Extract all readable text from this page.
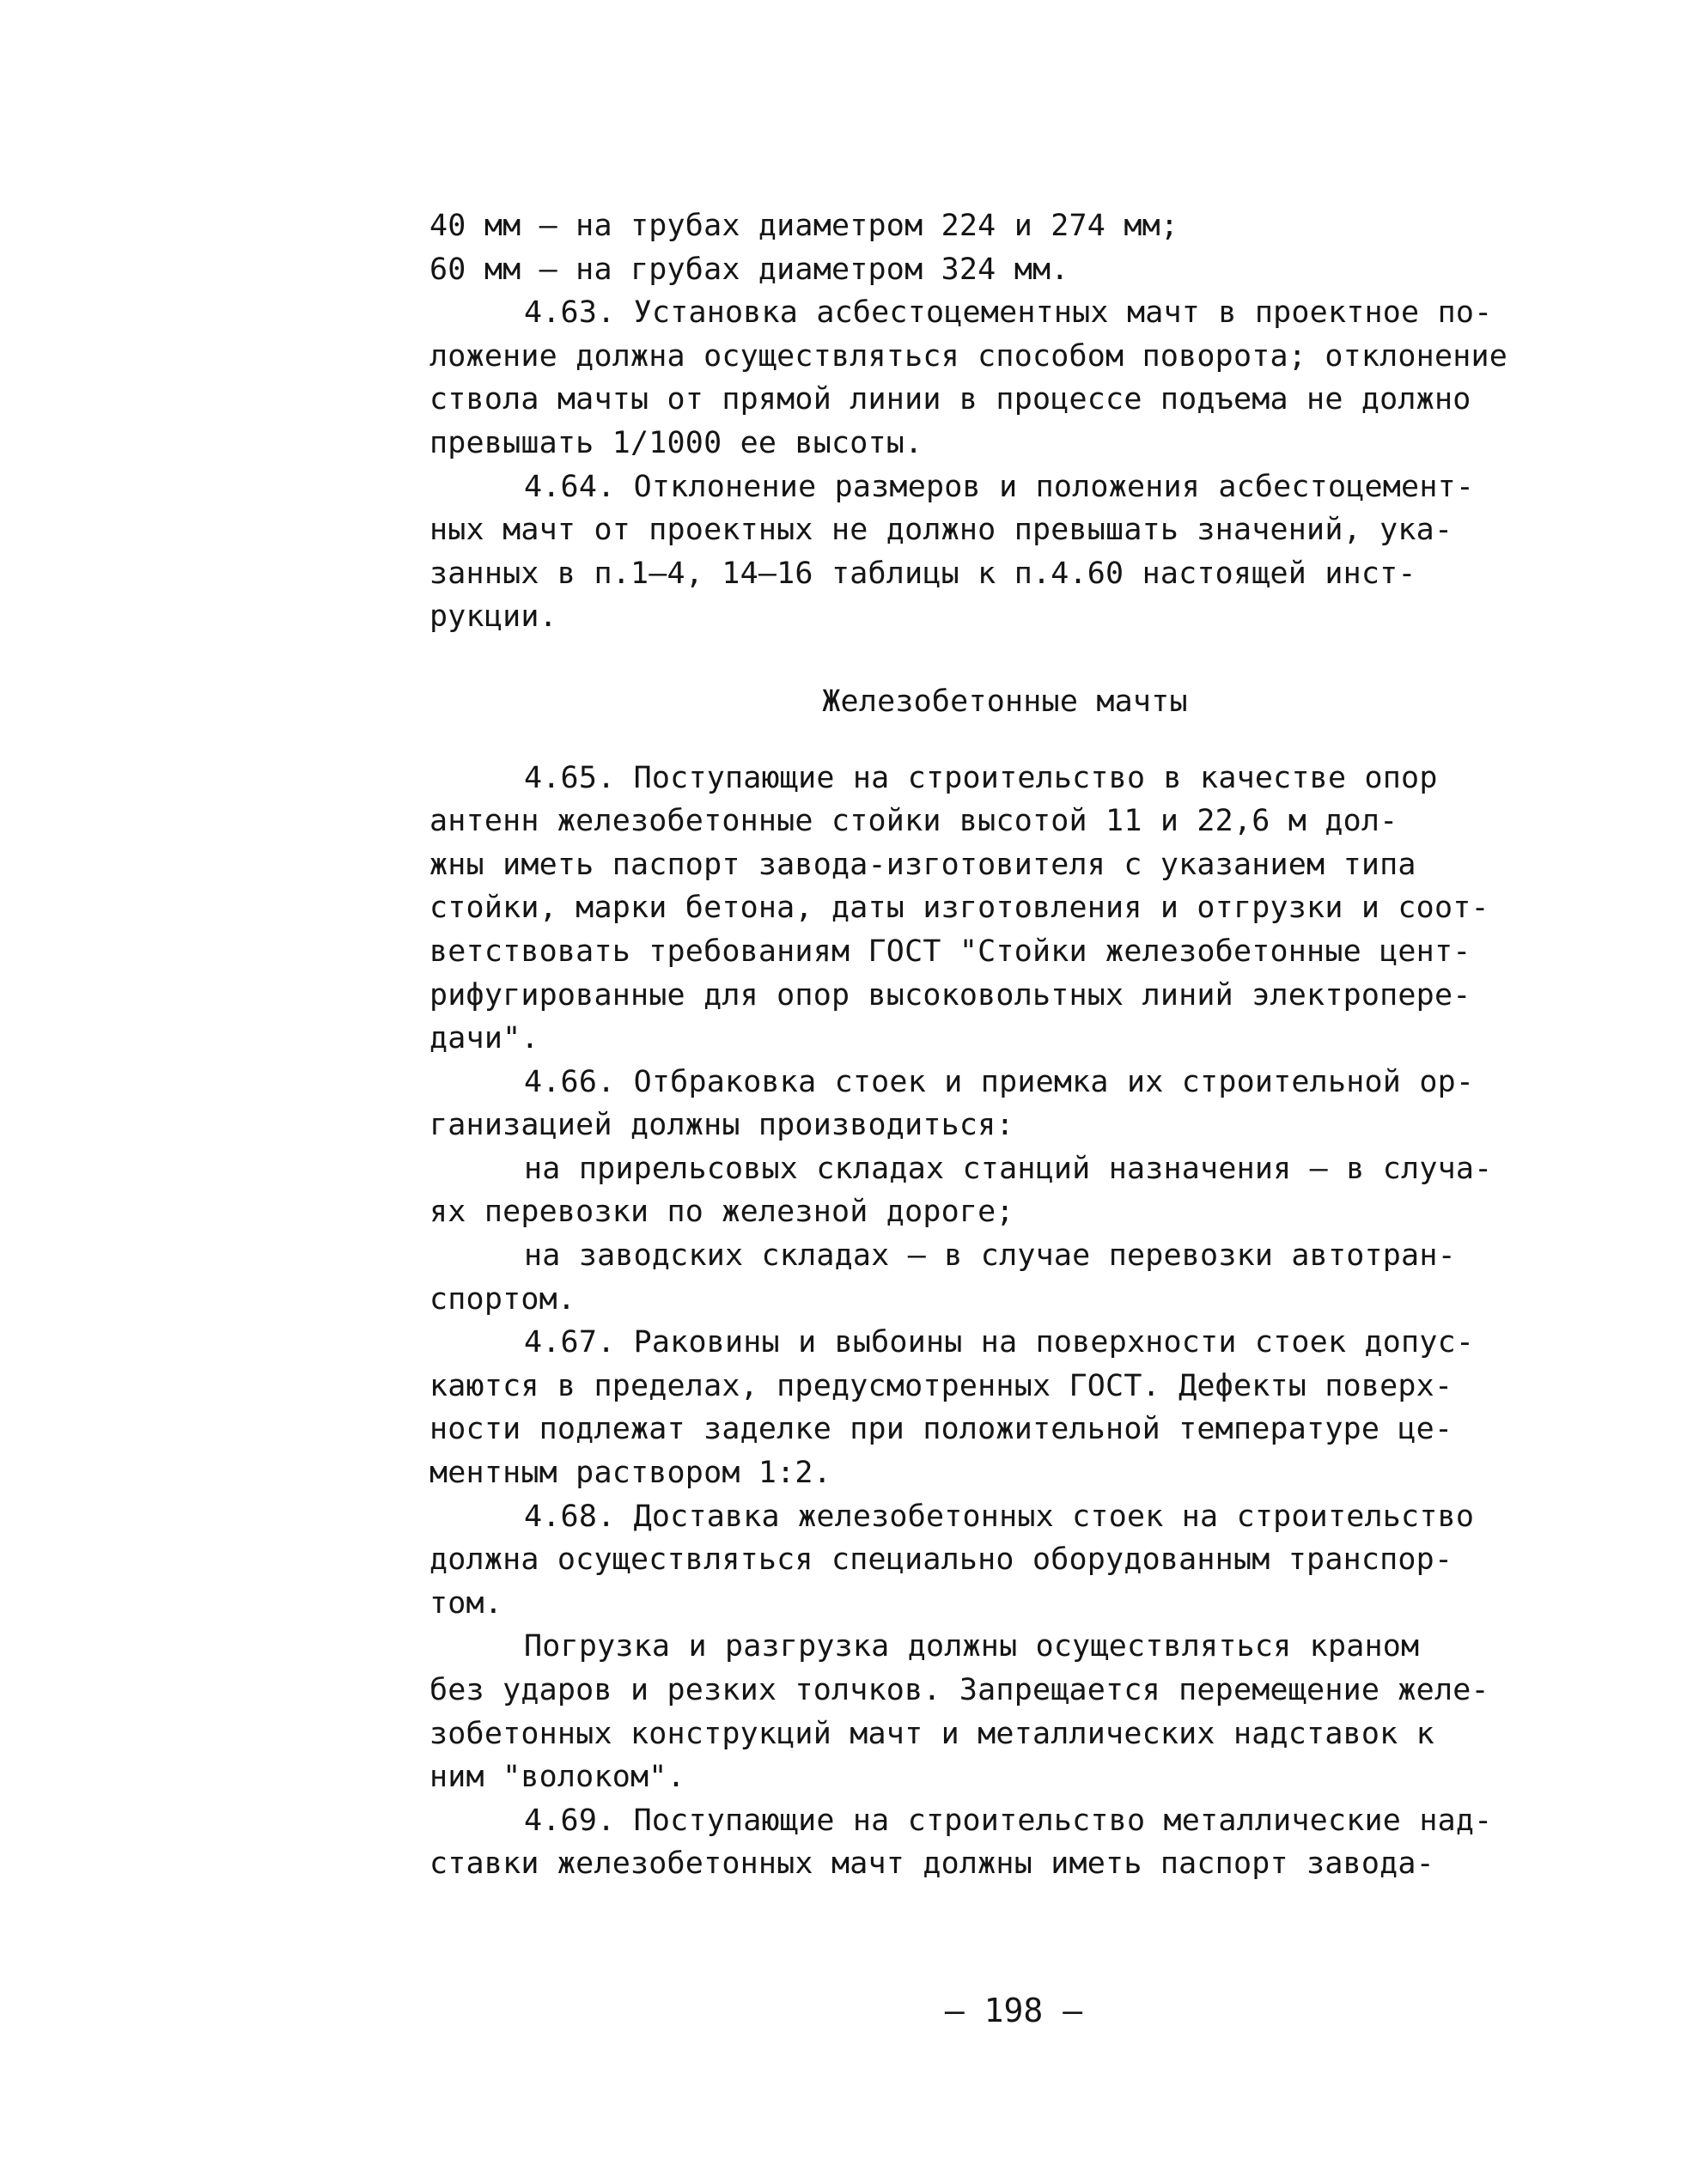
40 мм – на трубах диаметром 224 и 274 мм;
60 мм – на грубах диаметром 324 мм.
4.63. Установка асбестоцементных мачт в проектное по-
ложение должна осуществляться способом поворота; отклонение
ствола мачты от прямой линии в процессе подъема не должно
превышать 1/1000 ее высоты.
4.64. Отклонение размеров и положения асбестоцемент-
ных мачт от проектных не должно превышать значений, ука-
занных в п.1–4, 14–16 таблицы к п.4.60 настоящей инст-
рукции.
Железобетонные мачты
4.65. Поступающие на строительство в качестве опор
антенн железобетонные стойки высотой 11 и 22,6 м дол-
жны иметь паспорт завода-изготовителя с указанием типа
стойки, марки бетона, даты изготовления и отгрузки и соот-
ветствовать требованиям ГОСТ "Стойки железобетонные цент-
рифугированные для опор высоковольтных линий электропере-
дачи".
4.66. Отбраковка стоек и приемка их строительной ор-
ганизацией должны производиться:
на прирельсовых складах станций назначения – в случа-
ях перевозки по железной дороге;
на заводских складах – в случае перевозки автотран-
спортом.
4.67. Раковины и выбоины на поверхности стоек допус-
каются в пределах, предусмотренных ГОСТ. Дефекты поверх-
ности подлежат заделке при положительной температуре це-
ментным раствором 1:2.
4.68. Доставка железобетонных стоек на строительство
должна осуществляться специально оборудованным транспор-
том.
Погрузка и разгрузка должны осуществляться краном
без ударов и резких толчков. Запрещается перемещение желе-
зобетонных конструкций мачт и металлических надставок к
ним "волоком".
4.69. Поступающие на строительство металлические над-
ставки железобетонных мачт должны иметь паспорт завода-
– 198 –
